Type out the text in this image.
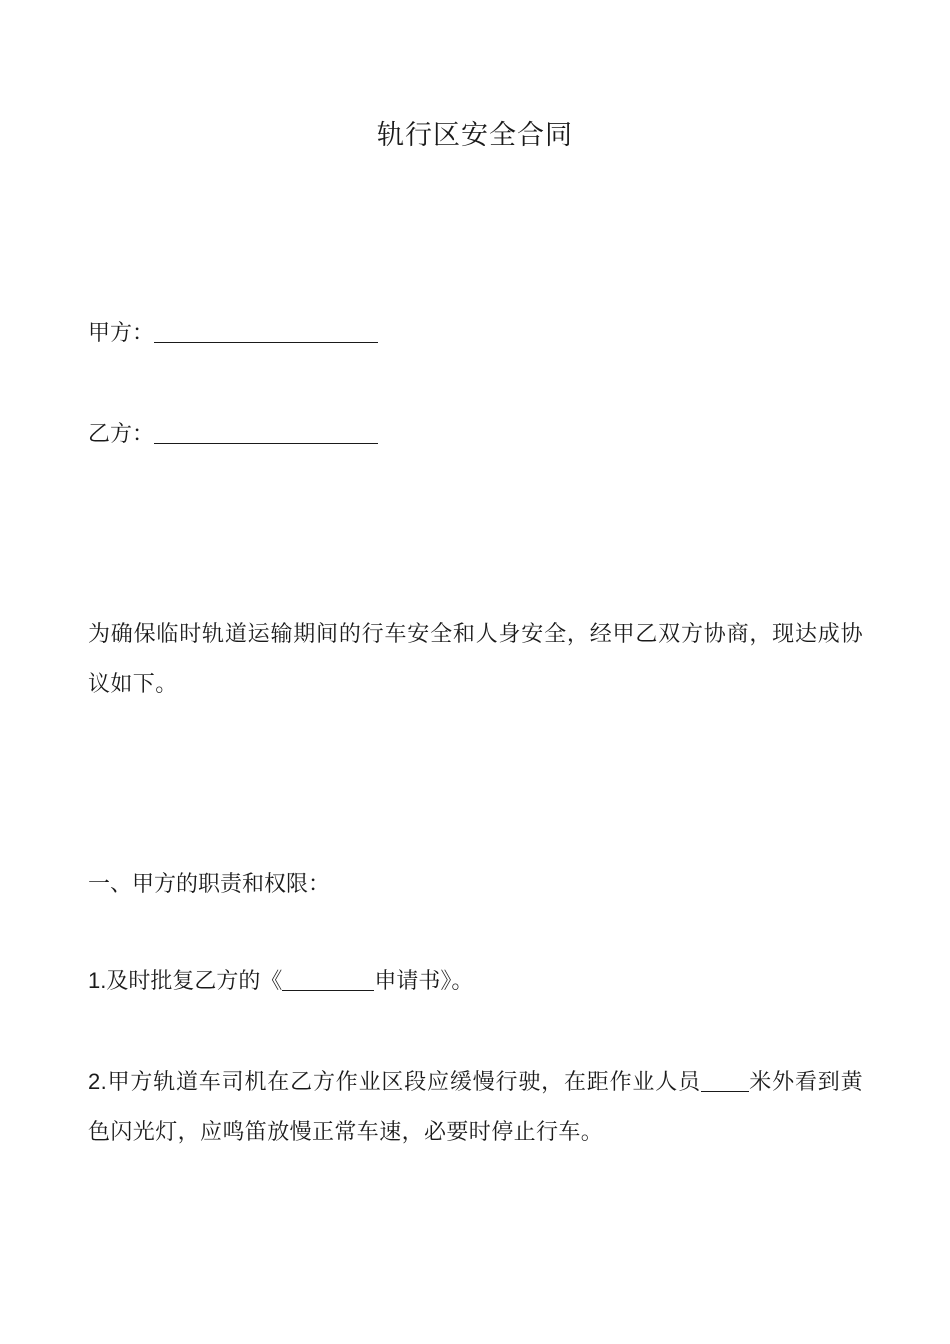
轨行区安全合同

甲方：

乙方：

为确保临时轨道运输期间的行车安全和人身安全，经甲乙双方协商，现达成协议如下。

一、甲方的职责和权限：

1.及时批复乙方的《	申请书》。

2.甲方轨道车司机在乙方作业区段应缓慢行驶，在距作业人员 米外看到黄色闪光灯，应鸣笛放慢正常车速，必要时停止行车。
